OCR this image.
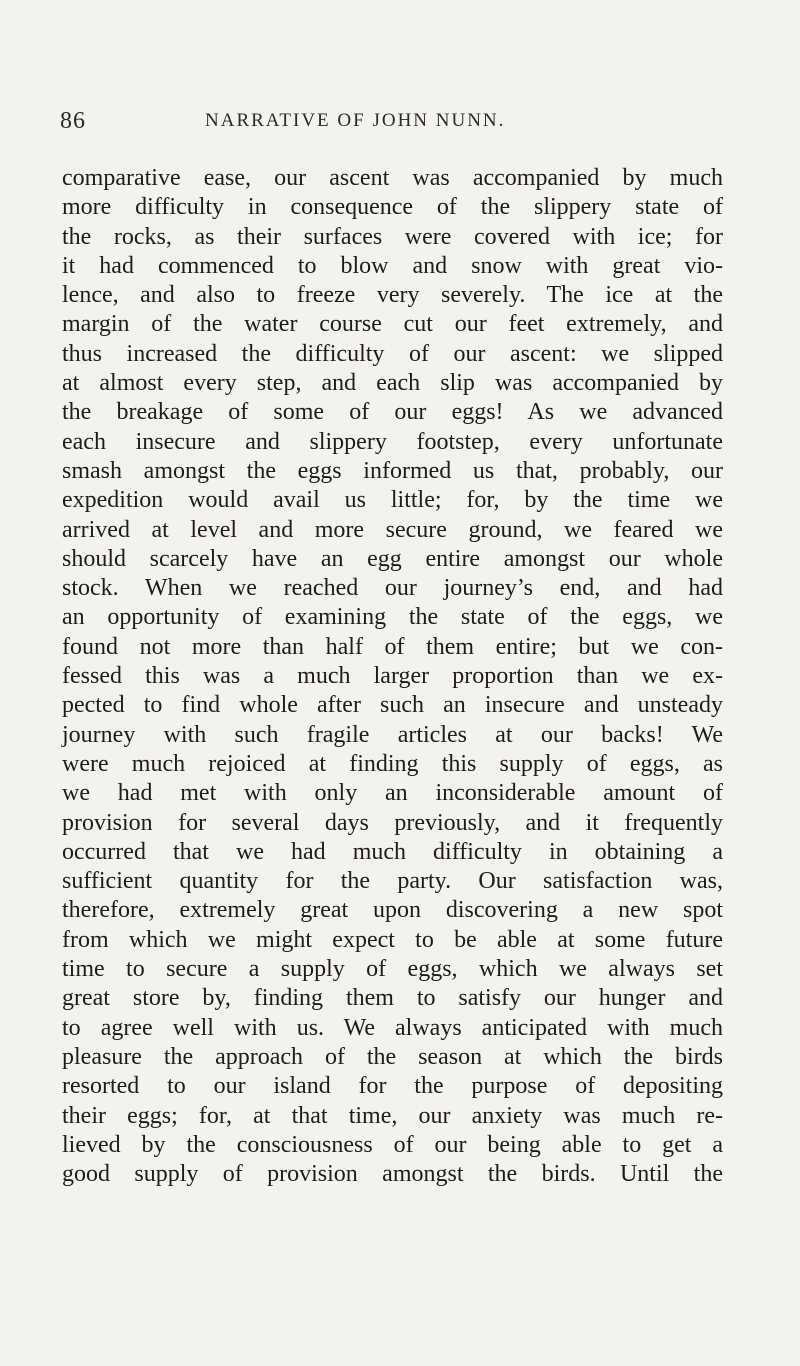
86	NARRATIVE OF JOHN NUNN.
comparative ease, our ascent was accompanied by much
more difficulty in consequence of the slippery state of
the rocks, as their surfaces were covered with ice; for
it had commenced to blow and snow with great vio-
lence, and also to freeze very severely. The ice at the
margin of the water course cut our feet extremely, and
thus increased the difficulty of our ascent: we slipped
at almost every step, and each slip was accompanied by
the breakage of some of our eggs! As we advanced
each insecure and slippery footstep, every unfortunate
smash amongst the eggs informed us that, probably, our
expedition would avail us little; for, by the time we
arrived at level and more secure ground, we feared we
should scarcely have an egg entire amongst our whole
stock. When we reached our journey’s end, and had
an opportunity of examining the state of the eggs, we
found not more than half of them entire; but we con-
fessed this was a much larger proportion than we ex-
pected to find whole after such an insecure and unsteady
journey with such fragile articles at our backs! We
were much rejoiced at finding this supply of eggs, as
we had met with only an inconsiderable amount of
provision for several days previously, and it frequently
occurred that we had much difficulty in obtaining a
sufficient quantity for the party. Our satisfaction was,
therefore, extremely great upon discovering a new spot
from which we might expect to be able at some future
time to secure a supply of eggs, which we always set
great store by, finding them to satisfy our hunger and
to agree well with us. We always anticipated with much
pleasure the approach of the season at which the birds
resorted to our island for the purpose of depositing
their eggs; for, at that time, our anxiety was much re-
lieved by the consciousness of our being able to get a
good supply of provision amongst the birds. Until the
